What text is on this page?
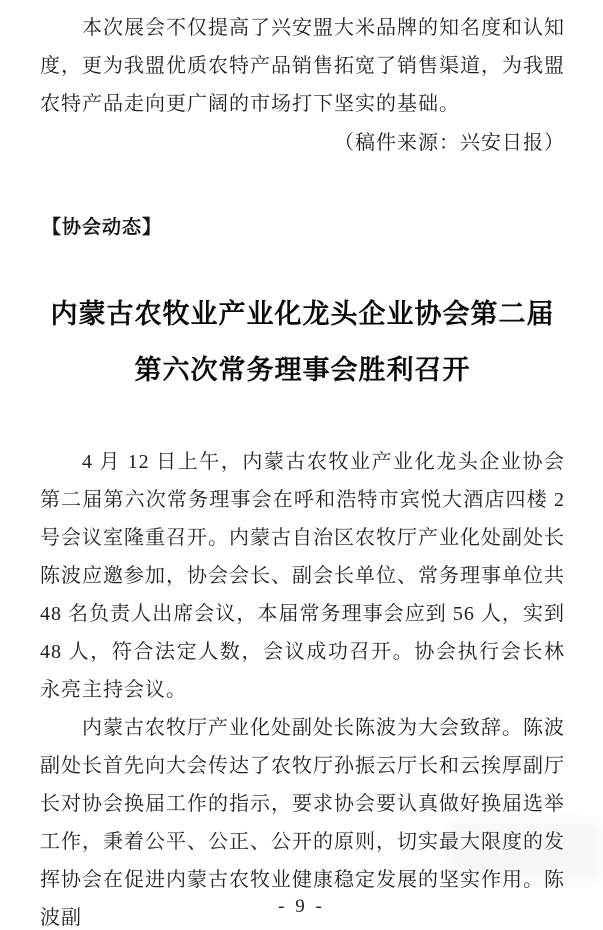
本次展会不仅提高了兴安盟大米品牌的知名度和认知度，更为我盟优质农特产品销售拓宽了销售渠道，为我盟农特产品走向更广阔的市场打下坚实的基础。

（稿件来源：兴安日报）

【协会动态】
内蒙古农牧业产业化龙头企业协会第二届
第六次常务理事会胜利召开

4 月 12 日上午，内蒙古农牧业产业化龙头企业协会第二届第六次常务理事会在呼和浩特市宾悦大酒店四楼 2 号会议室隆重召开。内蒙古自治区农牧厅产业化处副处长陈波应邀参加，协会会长、副会长单位、常务理事单位共 48 名负责人出席会议，本届常务理事会应到 56 人，实到 48 人，符合法定人数，会议成功召开。协会执行会长林永亮主持会议。

内蒙古农牧厅产业化处副处长陈波为大会致辞。陈波副处长首先向大会传达了农牧厅孙振云厅长和云挨厚副厅长对协会换届工作的指示，要求协会要认真做好换届选举工作，秉着公平、公正、公开的原则，切实最大限度的发挥协会在促进内蒙古农牧业健康稳定发展的坚实作用。陈波副

- 9 -
